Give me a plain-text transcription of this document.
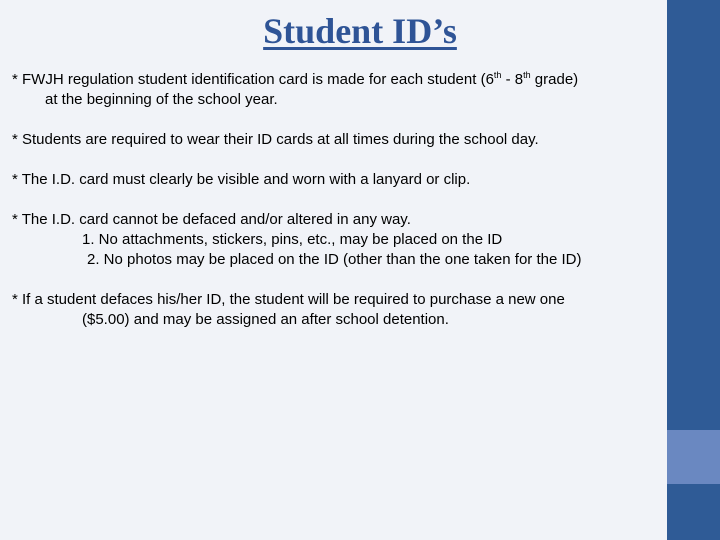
Student ID’s
* FWJH regulation student identification card is made for each student (6th - 8th grade)
at the beginning of the school year.
* Students are required to wear their ID cards at all times during the school day.
* The I.D. card must clearly be visible and worn with a lanyard or clip.
* The I.D. card cannot be defaced and/or altered in any way.
1. No attachments, stickers, pins, etc., may be placed on the ID
2. No photos may be placed on the ID (other than the one taken for the ID)
* If a student defaces his/her ID, the student will be required to purchase a new one
($5.00) and may be assigned an after school detention.
